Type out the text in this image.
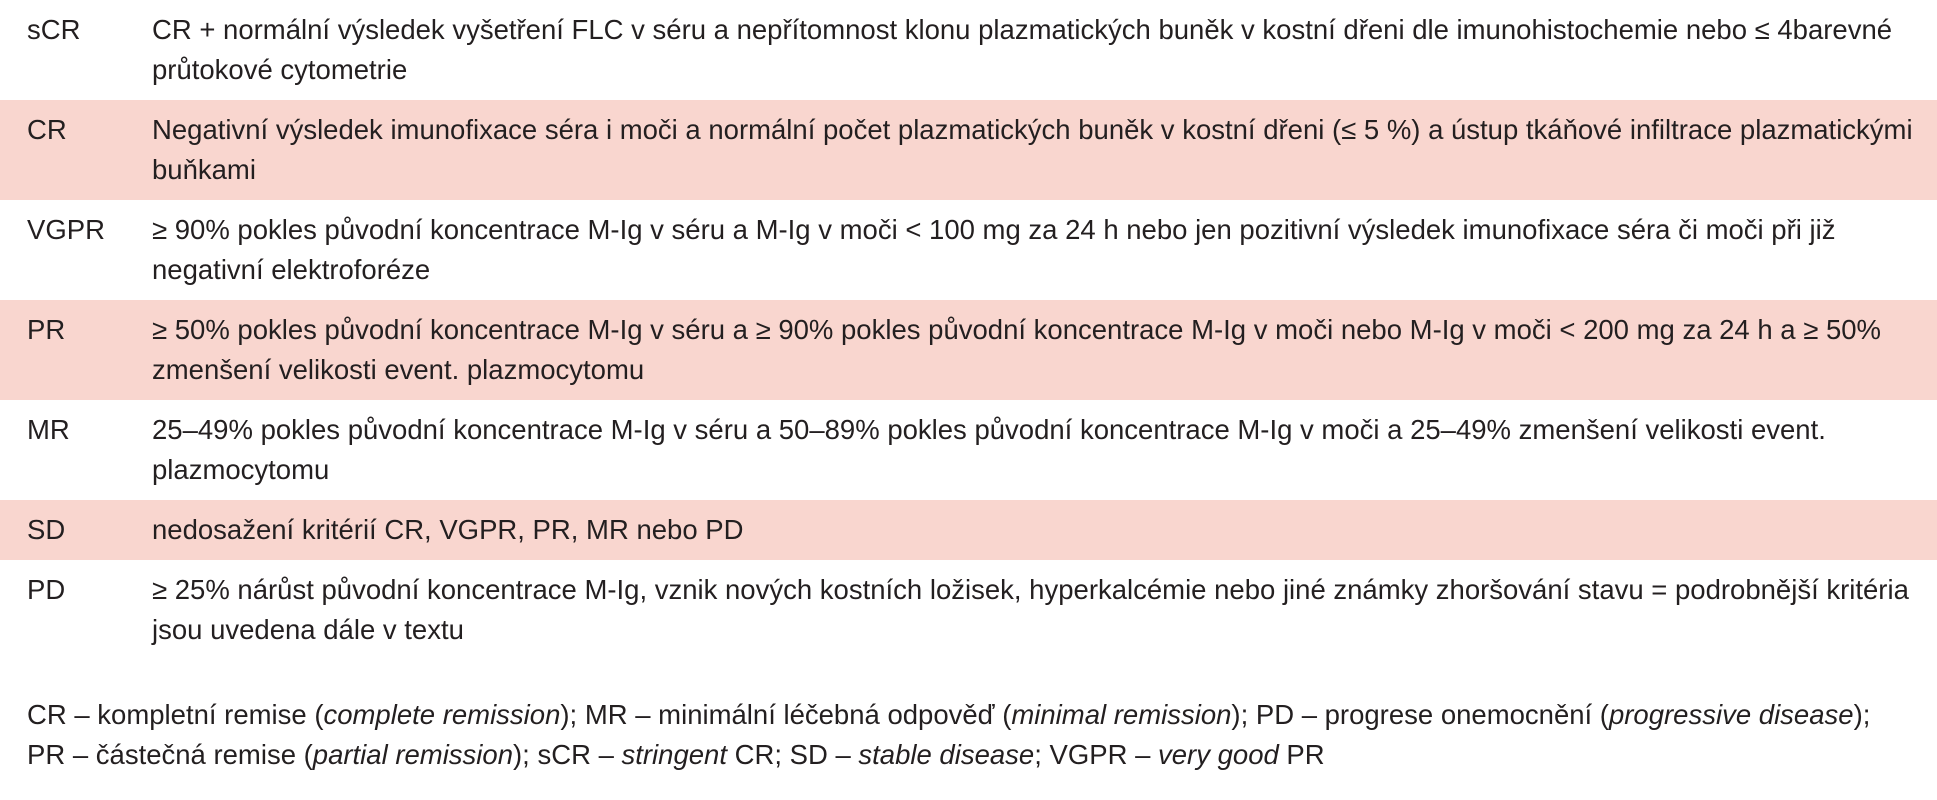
sCR	CR + normální výsledek vyšetření FLC v séru a nepřítomnost klonu plazmatických buněk v kostní dřeni dle imunohistochemie nebo ≤ 4barevné průtokové cytometrie
CR	Negativní výsledek imunofixace séra i moči a normální počet plazmatických buněk v kostní dřeni (≤ 5 %) a ústup tkáňové infiltrace plazmatickými buňkami
VGPR	≥ 90% pokles původní koncentrace M-Ig v séru a M-Ig v moči < 100 mg za 24 h nebo jen pozitivní výsledek imunofixace séra či moči při již negativní elektroforéze
PR	≥ 50% pokles původní koncentrace M-Ig v séru a ≥ 90% pokles původní koncentrace M-Ig v moči nebo M-Ig v moči < 200 mg za 24 h a ≥ 50% zmenšení velikosti event. plazmocytomu
MR	25–49% pokles původní koncentrace M-Ig v séru a 50–89% pokles původní koncentrace M-Ig v moči a 25–49% zmenšení velikosti event. plazmocytomu
SD	nedosažení kritérií CR, VGPR, PR, MR nebo PD
PD	≥ 25% nárůst původní koncentrace M-Ig, vznik nových kostních ložisek, hyperkalcémie nebo jiné známky zhoršování stavu = podrobnější kritéria jsou uvedena dále v textu
CR – kompletní remise (complete remission); MR – minimální léčebná odpověď (minimal remission); PD – progrese onemocnění (progressive disease); PR – částečná remise (partial remission); sCR – stringent CR; SD – stable disease; VGPR – very good PR
